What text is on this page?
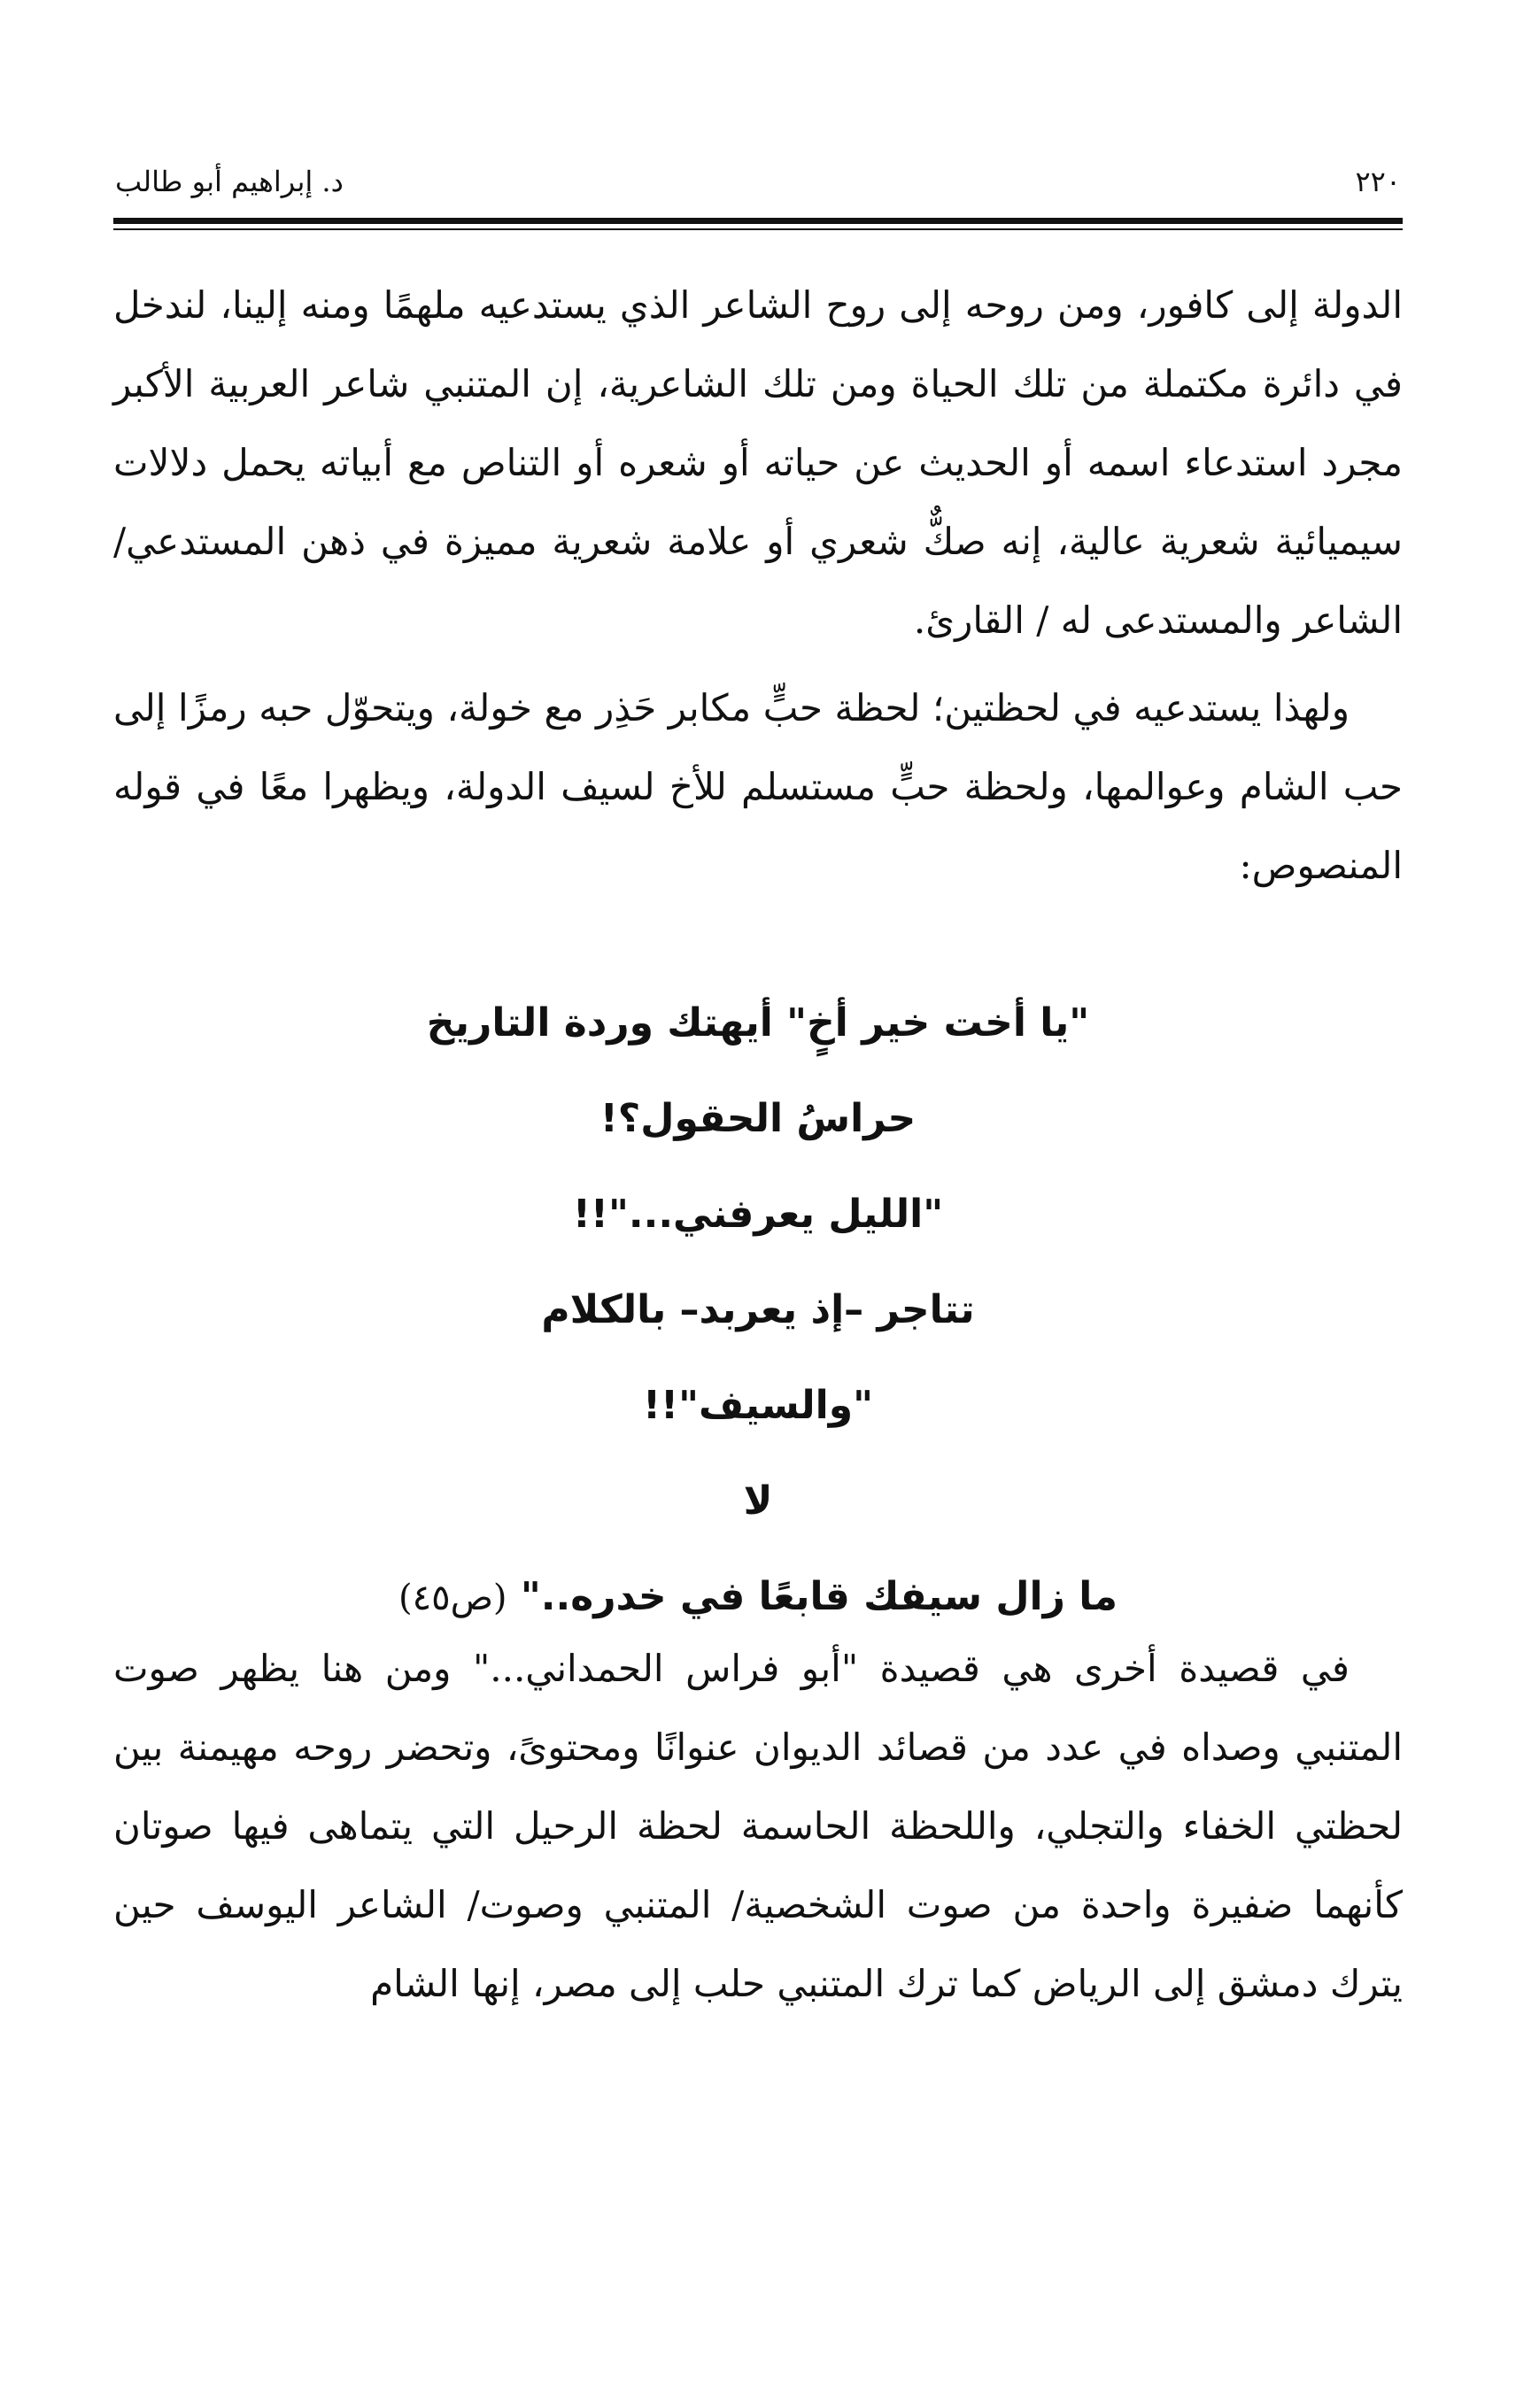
٢٢٠
د. إبراهيم أبو طالب

الدولة إلى كافور، ومن روحه إلى روح الشاعر الذي يستدعيه ملهمًا ومنه إلينا، لندخل في دائرة مكتملة من تلك الحياة ومن تلك الشاعرية، إن المتنبي شاعر العربية الأكبر مجرد استدعاء اسمه أو الحديث عن حياته أو شعره أو التناص مع أبياته يحمل دلالات سيميائية شعرية عالية، إنه صكٌّ شعري أو علامة شعرية مميزة في ذهن المستدعي/ الشاعر والمستدعى له / القارئ.

ولهذا يستدعيه في لحظتين؛ لحظة حبٍّ مكابر حَذِر مع خولة، ويتحوّل حبه رمزًا إلى حب الشام وعوالمها، ولحظة حبٍّ مستسلم للأخ لسيف الدولة، ويظهرا معًا في قوله المنصوص:

"يا أخت خير أخٍ" أيهتك وردة التاريخ

حراسُ الحقول؟!

"الليل يعرفني..."!!

تتاجر –إذ يعربد– بالكلام

"والسيف"!!

لا

ما زال سيفك قابعًا في خدره.." (ص٤٥)

في قصيدة أخرى هي قصيدة "أبو فراس الحمداني..." ومن هنا يظهر صوت المتنبي وصداه في عدد من قصائد الديوان عنوانًا ومحتوىً، وتحضر روحه مهيمنة بين لحظتي الخفاء والتجلي، واللحظة الحاسمة لحظة الرحيل التي يتماهى فيها صوتان كأنهما ضفيرة واحدة من صوت الشخصية/ المتنبي وصوت/ الشاعر اليوسف حين يترك دمشق إلى الرياض كما ترك المتنبي حلب إلى مصر، إنها الشام
